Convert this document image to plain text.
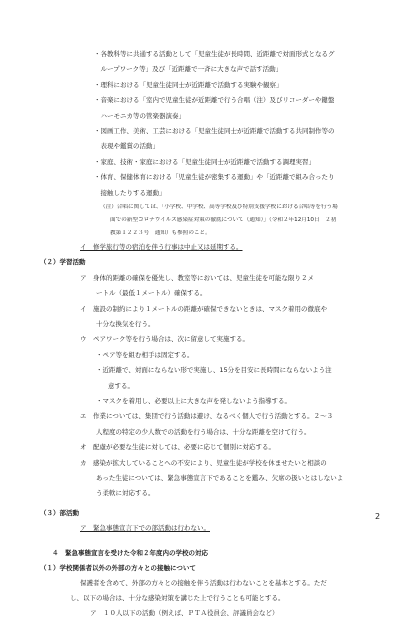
・各教科等に共通する活動として「児童生徒が長時間、近距離で対面形式となるグ
　ループワーク等」及び「近距離で一斉に大きな声で話す活動」
・理科における「児童生徒同士が近距離で活動する実験や観察」
・音楽における「室内で児童生徒が近距離で行う合唱（注）及びリコーダーや鍵盤
　ハーモニカ等の管楽器演奏」
・図画工作、美術、工芸における「児童生徒同士が近距離で活動する共同制作等の
　表現や鑑賞の活動」
・家庭、技術・家庭における「児童生徒同士が近距離で活動する調理実習」
・体育、保健体育における「児童生徒が密集する運動」や「近距離で組み合ったり
　接触したりする運動」
（注）合唱に関しては、「小学校、中学校、高等学校及び特別支援学校における合唱等を行う場
面での新型コロナウイルス感染症対策の徹底について（通知）」（令和２年12月10日　２初
教第１２２３号　通知）も参照のこと。
イ　修学旅行等の宿泊を伴う行事は中止又は延期する。
（２）学習活動
ア　身体的距離の確保を優先し、教室等においては、児童生徒を可能な限り２メ
ートル（最低１メートル）確保する。
イ　施設の制約により１メートルの距離が確保できないときは、マスク着用の徹底や
十分な換気を行う。
ウ　ペアワーク等を行う場合は、次に留意して実施する。
・ペア等を組む相手は固定する。
・近距離で、対面にならない形で実施し、15分を目安に長時間にならないよう注
意する。
・マスクを着用し、必要以上に大きな声を発しないよう指導する。
エ　作業については、集団で行う活動は避け、なるべく個人で行う活動とする。２～３
人程度の特定の少人数での活動を行う場合は、十分な距離を空けて行う。
オ　配慮が必要な生徒に対しては、必要に応じて個別に対応する。
カ　感染が拡大していることへの不安により、児童生徒が学校を休ませたいと相談の
あった生徒については、緊急事態宣言下であることを鑑み、欠席の扱いとはしないよ
う柔軟に対応する。
（３）部活動
ア　緊急事態宣言下での部活動は行わない。
４　緊急事態宣言を受けた令和２年度内の学校の対応
（１）学校関係者以外の外部の方々との接触について
保護者を含めて、外部の方々との接触を伴う活動は行わないことを基本とする。ただ
し、以下の場合は、十分な感染対策を講じた上で行うことも可能とする。
ア　１０人以下の活動（例えば、ＰＴＡ役員会、評議員会など）
2
